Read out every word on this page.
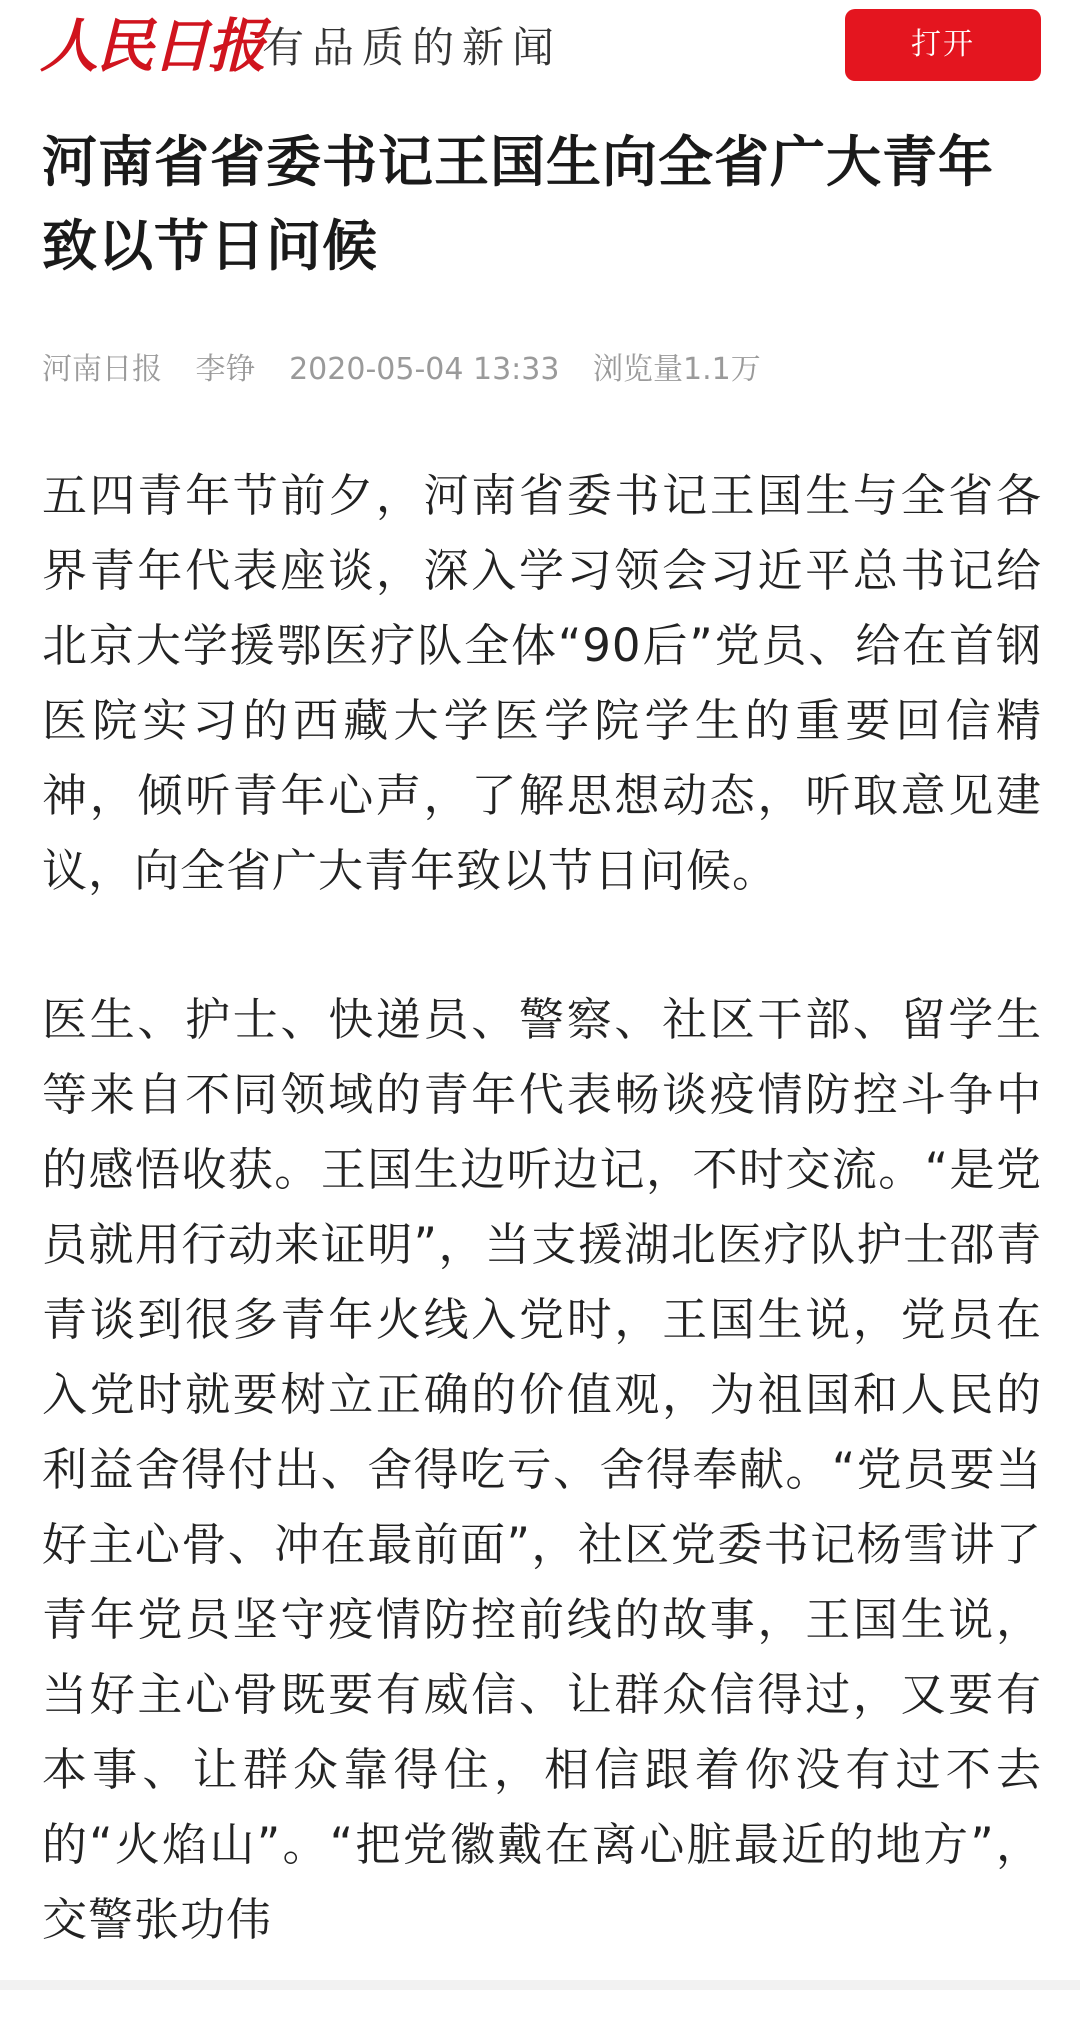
人民日报
有品质的新闻	打开
河南省省委书记王国生向全省广大青年致以节日问候
河南日报 李铮 2020-05-04 13:33 浏览量1.1万

五四青年节前夕，河南省委书记王国生与全省各界青年代表座谈，深入学习领会习近平总书记给北京大学援鄂医疗队全体“90后”党员、给在首钢医院实习的西藏大学医学院学生的重要回信精神，倾听青年心声，了解思想动态，听取意见建议，向全省广大青年致以节日问候。

医生、护士、快递员、警察、社区干部、留学生等来自不同领域的青年代表畅谈疫情防控斗争中的感悟收获。王国生边听边记，不时交流。“是党员就用行动来证明”，当支援湖北医疗队护士邵青青谈到很多青年火线入党时，王国生说，党员在入党时就要树立正确的价值观，为祖国和人民的利益舍得付出、舍得吃亏、舍得奉献。“党员要当好主心骨、冲在最前面”，社区党委书记杨雪讲了青年党员坚守疫情防控前线的故事，王国生说，当好主心骨既要有威信、让群众信得过，又要有本事、让群众靠得住，相信跟着你没有过不去的“火焰山”。“把党徽戴在离心脏最近的地方”，交警张功伟
